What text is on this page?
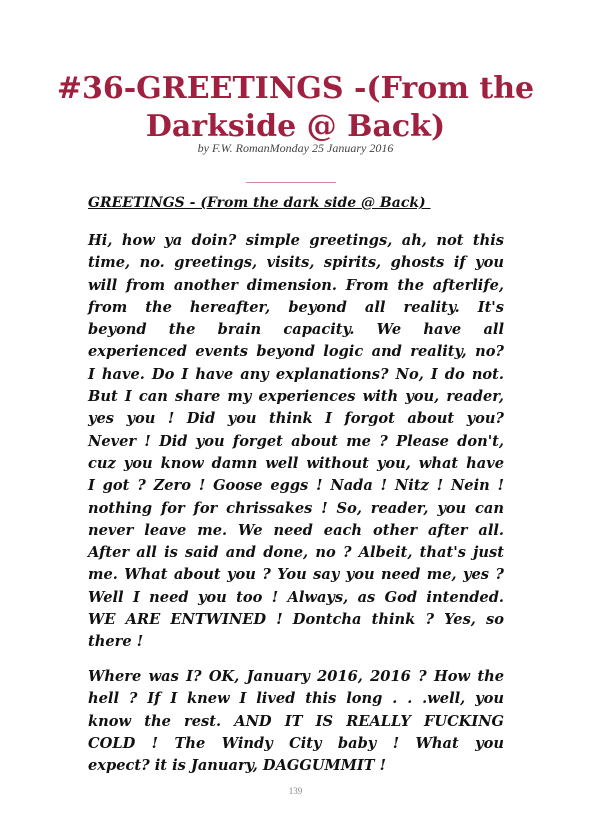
#36-GREETINGS -(From the
Darkside @ Back)
by F.W. RomanMonday 25 January 2016
—————————
GREETINGS - (From the dark side @ Back)
Hi, how ya doin? simple greetings, ah, not this
time, no. greetings, visits, spirits, ghosts if you
will from another dimension. From the afterlife,
from the hereafter, beyond all reality. It's
beyond the brain capacity. We have all
experienced events beyond logic and reality, no?
I have. Do I have any explanations? No, I do not.
But I can share my experiences with you, reader,
yes you ! Did you think I forgot about you?
Never ! Did you forget about me ? Please don't,
cuz you know damn well without you, what have
I got ? Zero ! Goose eggs ! Nada ! Nitz ! Nein !
nothing for for chrissakes ! So, reader, you can
never leave me. We need each other after all.
After all is said and done, no ? Albeit, that's just
me. What about you ? You say you need me, yes ?
Well I need you too ! Always, as God intended.
WE ARE ENTWINED ! Dontcha think ? Yes, so
there !
Where was I? OK, January 2016, 2016 ? How the
hell ? If I knew I lived this long . . .well, you
know the rest. AND IT IS REALLY FUCKING
COLD ! The Windy City baby ! What you
expect? it is January, DAGGUMMIT !
139
